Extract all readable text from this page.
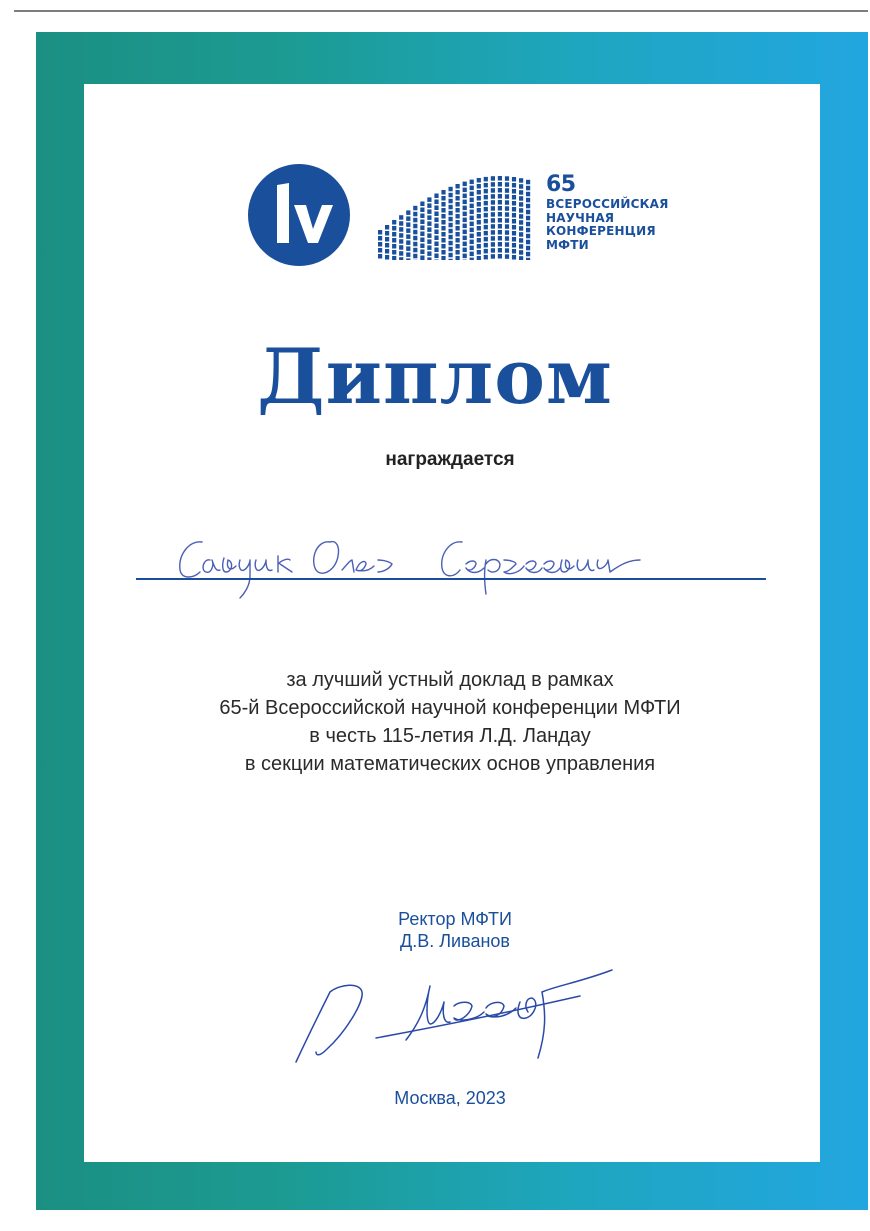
65
ВСЕРОССИЙСКАЯ
НАУЧНАЯ
КОНФЕРЕНЦИЯ
МФТИ
Диплом
награждается
за лучший устный доклад в рамках
65-й Всероссийской научной конференции МФТИ
в честь 115-летия Л.Д. Ландау
в секции математических основ управления
Ректор МФТИ
Д.В. Ливанов
Москва, 2023
